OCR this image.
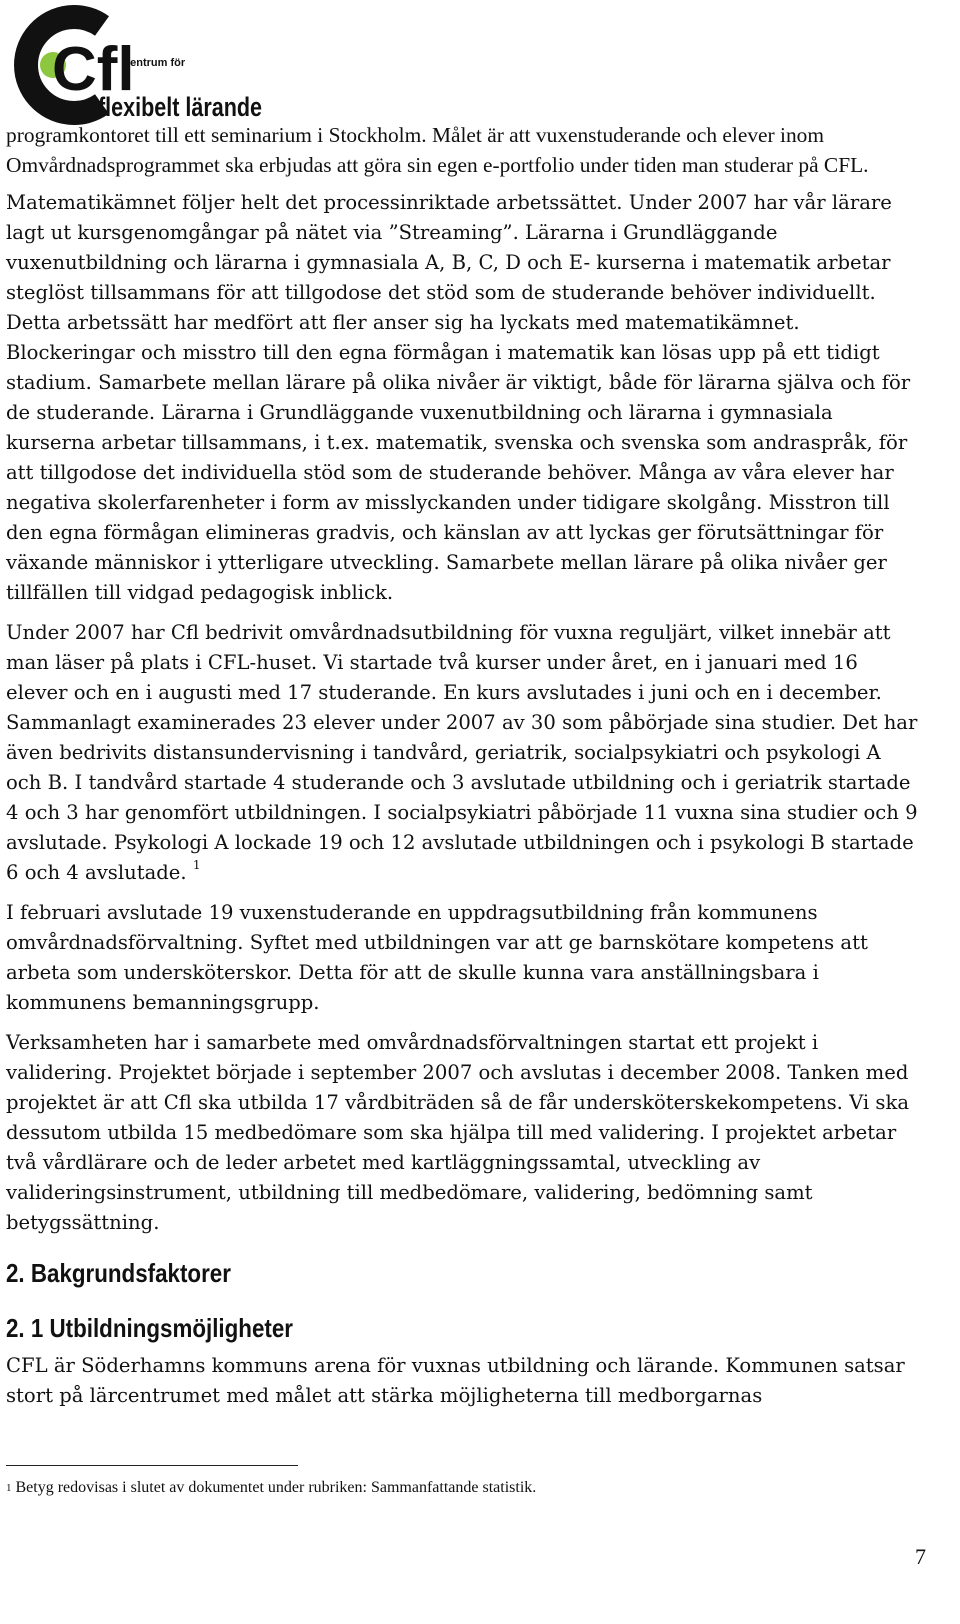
Cfl
centrum för
flexibelt lärande

programkontoret till ett seminarium i Stockholm. Målet är att vuxenstuderande och elever inom Omvårdnadsprogrammet ska erbjudas att göra sin egen e-portfolio under tiden man studerar på CFL.

Matematikämnet följer helt det processinriktade arbetssättet. Under 2007 har vår lärare lagt ut kursgenomgångar på nätet via ”Streaming”. Lärarna i Grundläggande vuxenutbildning och lärarna i gymnasiala A, B, C, D och E- kurserna i matematik arbetar steglöst tillsammans för att tillgodose det stöd som de studerande behöver individuellt. Detta arbetssätt har medfört att fler anser sig ha lyckats med matematikämnet. Blockeringar och misstro till den egna förmågan i matematik kan lösas upp på ett tidigt stadium. Samarbete mellan lärare på olika nivåer är viktigt, både för lärarna själva och för de studerande. Lärarna i Grundläggande vuxenutbildning och lärarna i gymnasiala kurserna arbetar tillsammans, i t.ex. matematik, svenska och svenska som andraspråk, för att tillgodose det individuella stöd som de studerande behöver. Många av våra elever har negativa skolerfarenheter i form av misslyckanden under tidigare skolgång. Misstron till den egna förmågan elimineras gradvis, och känslan av att lyckas ger förutsättningar för växande människor i ytterligare utveckling. Samarbete mellan lärare på olika nivåer ger tillfällen till vidgad pedagogisk inblick.

Under 2007 har Cfl bedrivit omvårdnadsutbildning för vuxna reguljärt, vilket innebär att man läser på plats i CFL-huset. Vi startade två kurser under året, en i januari med 16 elever och en i augusti med 17 studerande. En kurs avslutades i juni och en i december. Sammanlagt examinerades 23 elever under 2007 av 30 som påbörjade sina studier. Det har även bedrivits distansundervisning i tandvård, geriatrik, socialpsykiatri och psykologi A och B. I tandvård startade 4 studerande och 3 avslutade utbildning och i geriatrik startade 4 och 3 har genomfört utbildningen. I socialpsykiatri påbörjade 11 vuxna sina studier och 9 avslutade. Psykologi A lockade 19 och 12 avslutade utbildningen och i psykologi B startade 6 och 4 avslutade. $^1$

I februari avslutade 19 vuxenstuderande en uppdragsutbildning från kommunens omvårdnadsförvaltning. Syftet med utbildningen var att ge barnskötare kompetens att arbeta som undersköterskor. Detta för att de skulle kunna vara anställningsbara i kommunens bemanningsgrupp.

Verksamheten har i samarbete med omvårdnadsförvaltningen startat ett projekt i validering. Projektet började i september 2007 och avslutas i december 2008. Tanken med projektet är att Cfl ska utbilda 17 vårdbiträden så de får undersköterskekompetens. Vi ska dessutom utbilda 15 medbedömare som ska hjälpa till med validering. I projektet arbetar två vårdlärare och de leder arbetet med kartläggningssamtal, utveckling av valideringsinstrument, utbildning till medbedömare, validering, bedömning samt betygssättning.

2. Bakgrundsfaktorer
2. 1 Utbildningsmöjligheter

CFL är Söderhamns kommuns arena för vuxnas utbildning och lärande. Kommunen satsar stort på lärcentrumet med målet att stärka möjligheterna till medborgarnas

$^1$ Betyg redovisas i slutet av dokumentet under rubriken: Sammanfattande statistik.
7
